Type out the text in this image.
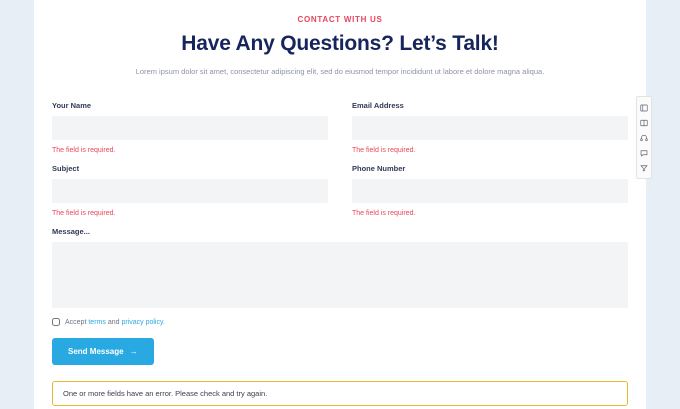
CONTACT WITH US
Have Any Questions? Let’s Talk!
Lorem ipsum dolor sit amet, consectetur adipiscing elit, sed do eiusmod tempor incididunt ut labore et dolore magna aliqua.
Your Name
The field is required.
Email Address
The field is required.
Subject
The field is required.
Phone Number
The field is required.
Message...
Accept
terms
and
privacy policy.
Send Message →
One or more fields have an error. Please check and try again.
